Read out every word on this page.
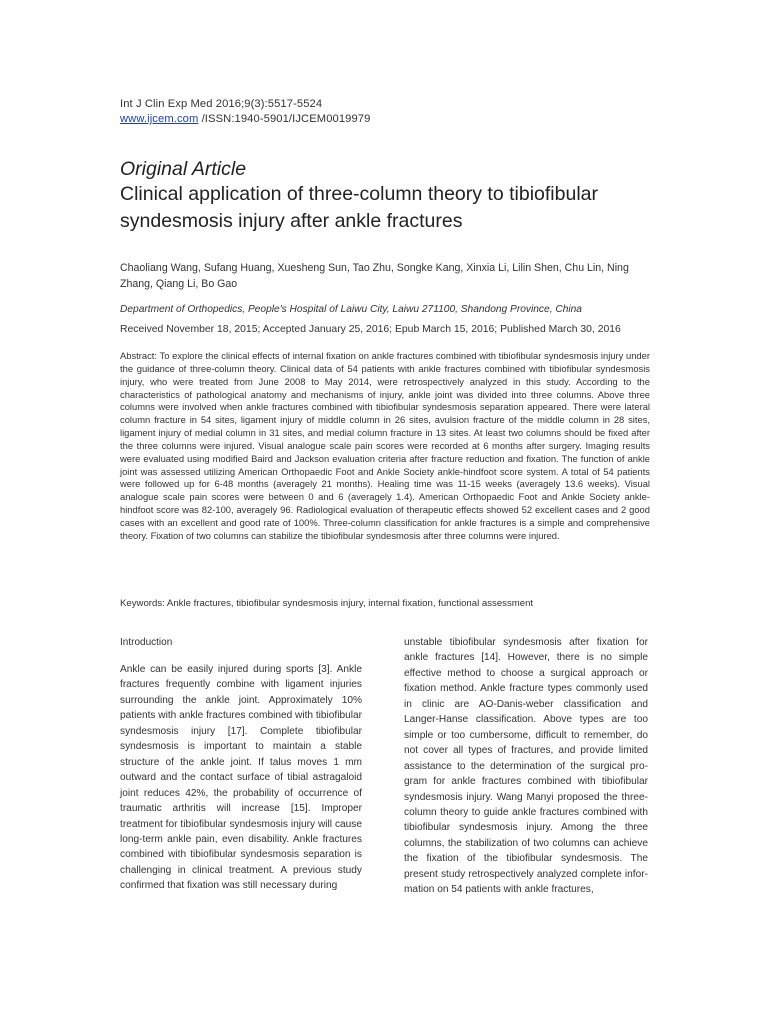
Int J Clin Exp Med 2016;9(3):5517-5524
www.ijcem.com /ISSN:1940-5901/IJCEM0019979
Original Article
Clinical application of three-column theory to tibiofibular syndesmosis injury after ankle fractures
Chaoliang Wang, Sufang Huang, Xuesheng Sun, Tao Zhu, Songke Kang, Xinxia Li, Lilin Shen, Chu Lin, Ning Zhang, Qiang Li, Bo Gao
Department of Orthopedics, People's Hospital of Laiwu City, Laiwu 271100, Shandong Province, China
Received November 18, 2015; Accepted January 25, 2016; Epub March 15, 2016; Published March 30, 2016

Abstract: To explore the clinical effects of internal fixation on ankle fractures combined with tibiofibular syndesmosis injury under the guidance of three-column theory. Clinical data of 54 patients with ankle fractures combined with tibiofibular syndesmosis injury, who were treated from June 2008 to May 2014, were retrospectively analyzed in this study. According to the characteristics of pathological anatomy and mechanisms of injury, ankle joint was divided into three columns. Above three columns were involved when ankle fractures combined with tibiofibular syndesmosis separation appeared. There were lateral column fracture in 54 sites, ligament injury of middle column in 26 sites, avulsion fracture of the middle column in 28 sites, ligament injury of medial column in 31 sites, and medial column fracture in 13 sites. At least two columns should be fixed after the three columns were injured. Visual analogue scale pain scores were recorded at 6 months after surgery. Imaging results were evaluated using modified Baird and Jackson evaluation criteria after fracture reduction and fixation. The function of ankle joint was assessed utilizing American Orthopaedic Foot and Ankle Society ankle-hindfoot score system. A total of 54 patients were followed up for 6-48 months (averagely 21 months). Healing time was 11-15 weeks (averagely 13.6 weeks). Visual analogue scale pain scores were between 0 and 6 (averagely 1.4). American Orthopaedic Foot and Ankle Society ankle-hindfoot score was 82-100, averagely 96. Radiological evaluation of therapeutic effects showed 52 excellent cases and 2 good cases with an excellent and good rate of 100%. Three-column classification for ankle fractures is a simple and comprehensive theory. Fixation of two columns can stabilize the tibiofibular syndesmosis after three columns were injured.

Keywords: Ankle fractures, tibiofibular syndesmosis injury, internal fixation, functional assessment
Introduction

Ankle can be easily injured during sports [3]. Ankle fractures frequently combine with ligament injuries surrounding the ankle joint. Approximately 10% patients with ankle fractures combined with tibiofibular syndesmosis injury [17]. Complete tibiofibular syndesmosis is important to maintain a stable structure of the ankle joint. If talus moves 1 mm outward and the contact surface of tibial astragaloid joint reduces 42%, the probability of occurrence of traumatic arthritis will increase [15]. Improper treatment for tibiofibular syndesmosis injury will cause long-term ankle pain, even disability. Ankle fractures combined with tibiofibular syndesmosis separation is challenging in clinical treatment. A previous study confirmed that fixation was still necessary during

unstable tibiofibular syndesmosis after fixation for ankle fractures [14]. However, there is no simple effective method to choose a surgical approach or fixation method. Ankle fracture types commonly used in clinic are AO-Danis-weber classification and Langer-Hanse classification. Above types are too simple or too cumbersome, difficult to remember, do not cover all types of fractures, and provide limited assistance to the determination of the surgical program for ankle fractures combined with tibiofibular syndesmosis injury. Wang Manyi proposed the three-column theory to guide ankle fractures combined with tibiofibular syndesmosis injury. Among the three columns, the stabilization of two columns can achieve the fixation of the tibiofibular syndesmosis. The present study retrospectively analyzed complete information on 54 patients with ankle fractures,
